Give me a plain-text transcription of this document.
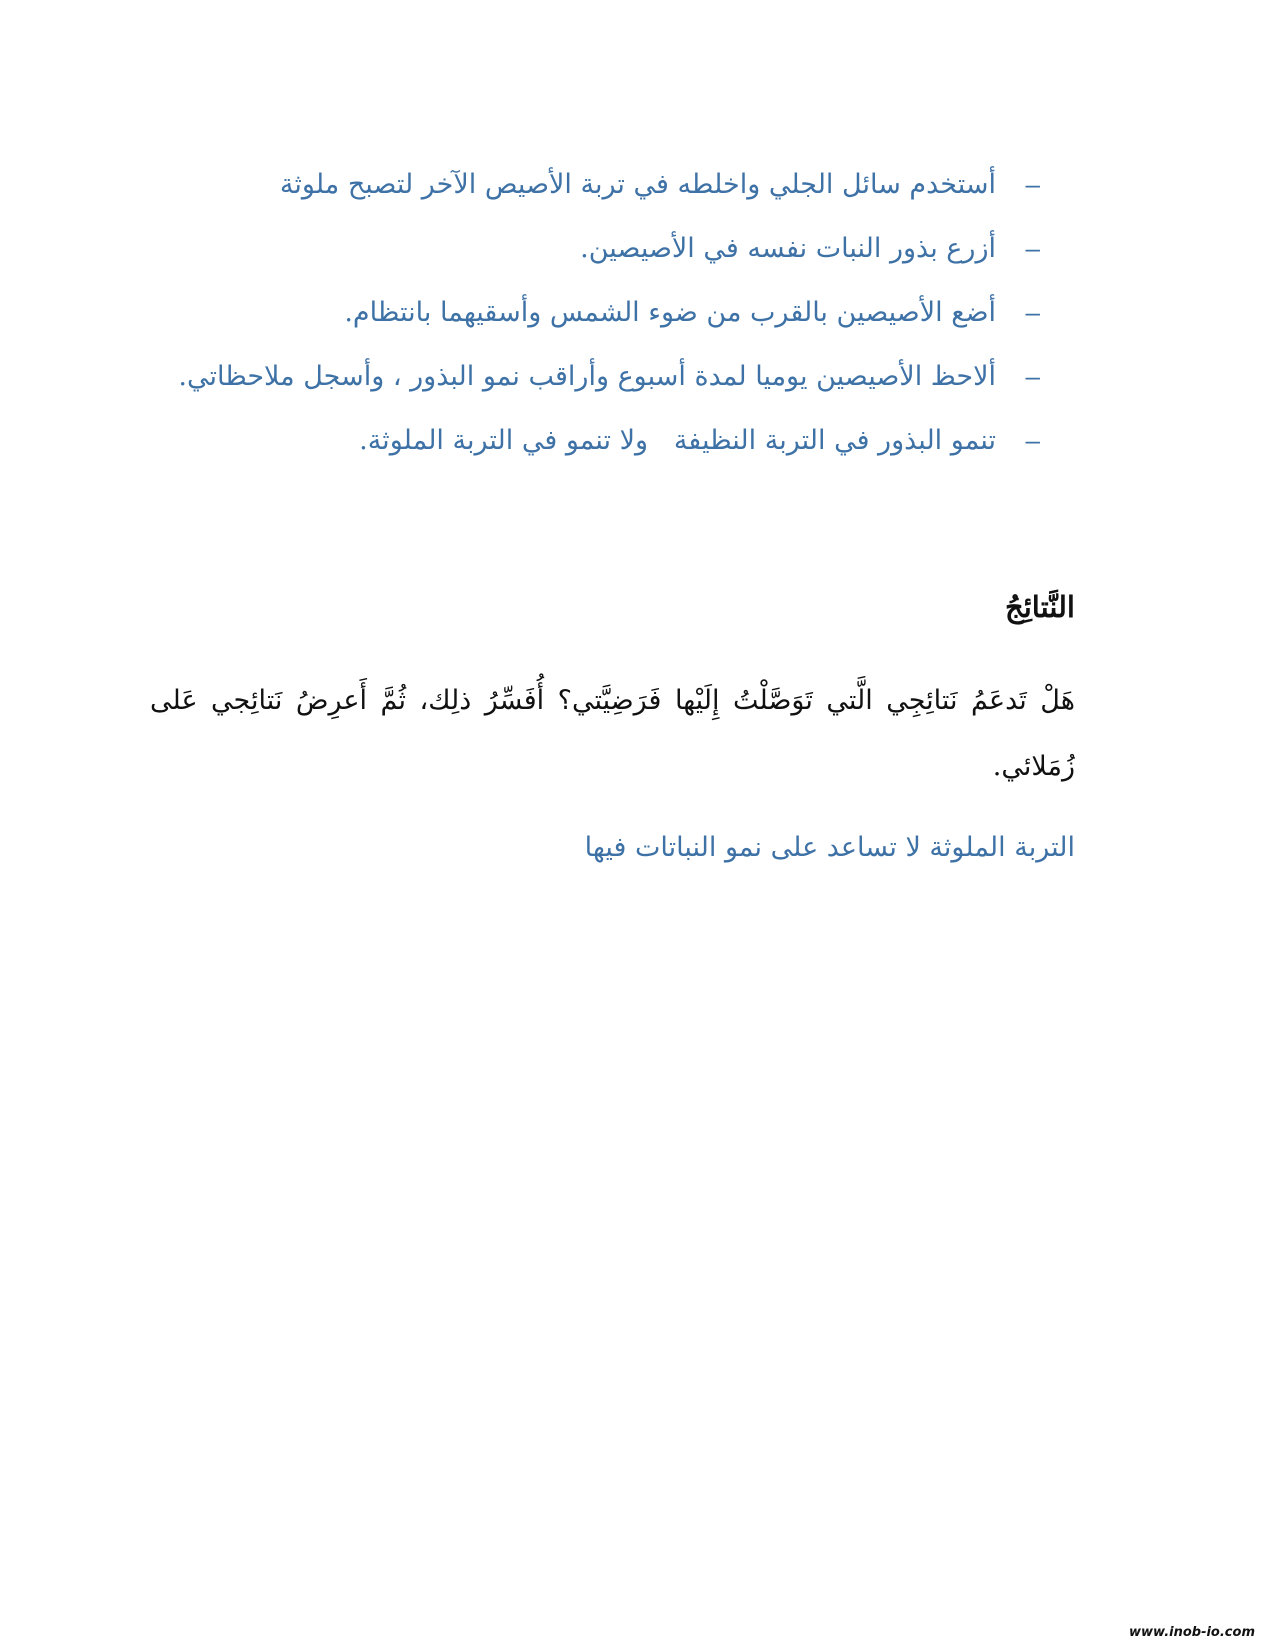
–
أستخدم سائل الجلي واخلطه في تربة الأصيص الآخر لتصبح ملوثة
–
أزرع بذور النبات نفسه في الأصيصين.
–
أضع الأصيصين بالقرب من ضوء الشمس وأسقيهما بانتظام.
–
ألاحظ الأصيصين يوميا لمدة أسبوع وأراقب نمو البذور ، وأسجل ملاحظاتي.
–
تنمو البذور في التربة النظيفة   ولا تنمو في التربة الملوثة.
النَّتائِجُ

هَلْ تَدعَمُ نَتائِجِي الَّتي تَوَصَّلْتُ إِلَيْها فَرَضِيَّتي؟ أُفَسِّرُ ذلِك، ثُمَّ أَعرِضُ نَتائِجي عَلى زُمَلائي.

التربة الملوثة لا تساعد على نمو النباتات فيها

www.inob-io.com
